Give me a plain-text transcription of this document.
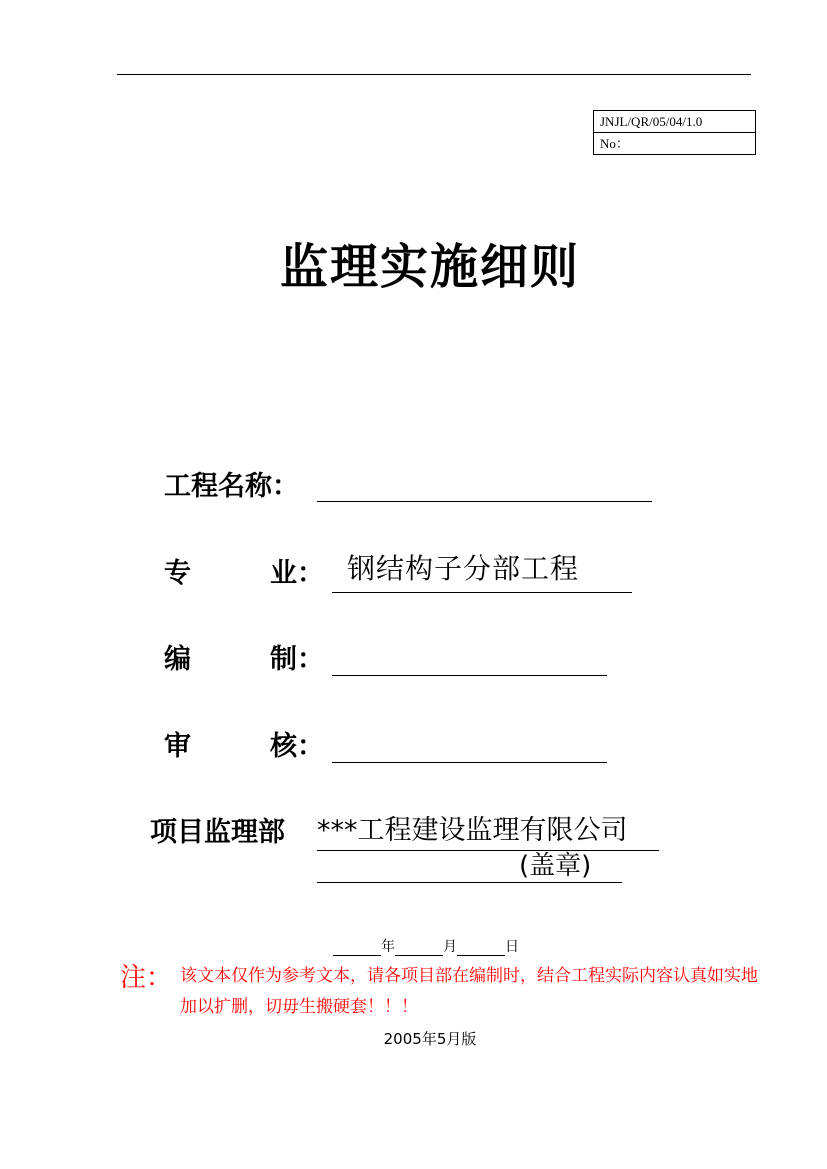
JNJL/QR/05/04/1.0
No：
监理实施细则
工程名称：
专	业： 钢结构子分部工程
编	制：
审	核：
项目监理部 ***工程建设监理有限公司
(盖章)
年	月	日
注： 该文本仅作为参考文本，请各项目部在编制时，结合工程实际内容认真如实地加以扩删，切毋生搬硬套！！！
2005年5月版
